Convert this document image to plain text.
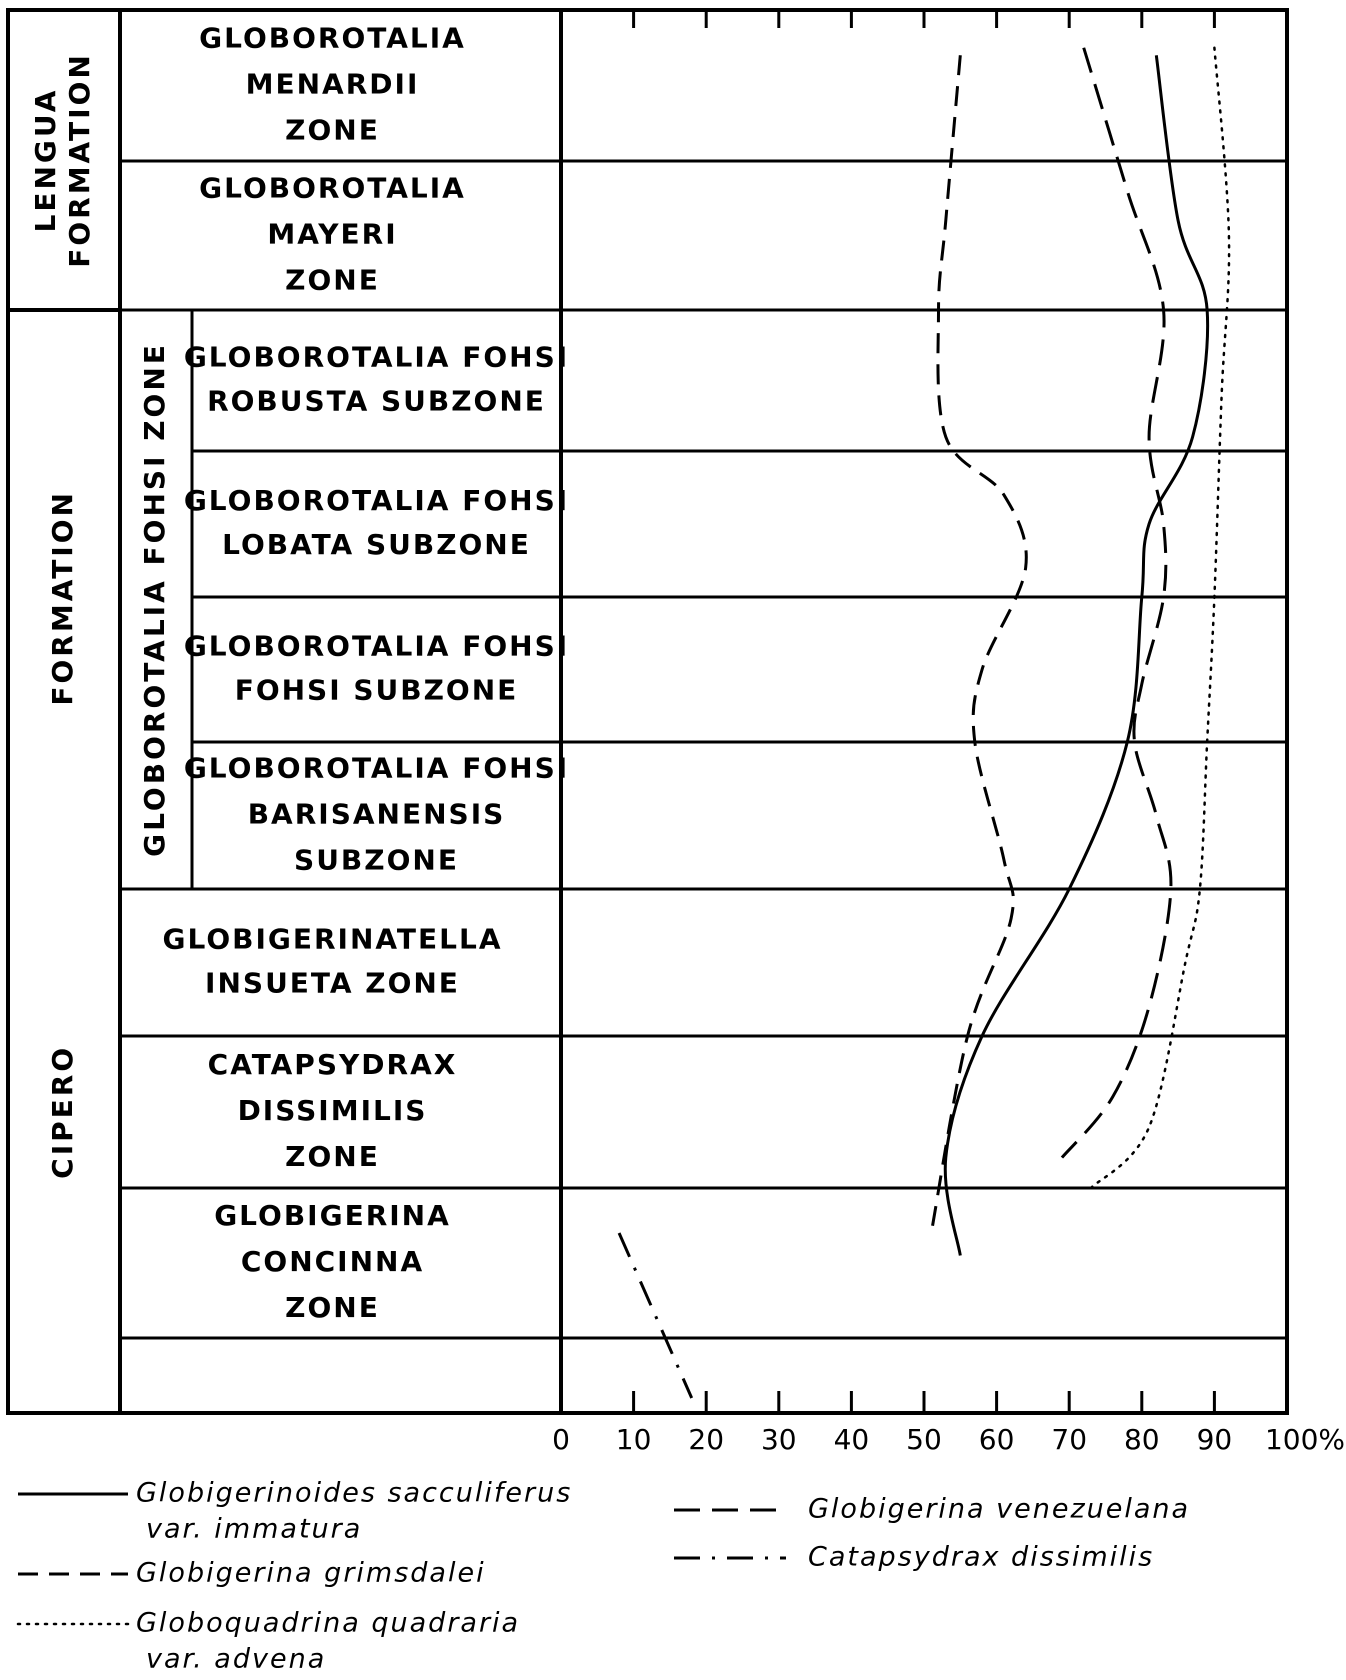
LENGUA FORMATION
CIPERO
FORMATION GLOBOROTALIA FOHSI ZONE
GLOBOROTALIA
MENARDII
ZONE
GLOBOROTALIA
MAYERI
ZONE
GLOBOROTALIA FOHSI
ROBUSTA SUBZONE
GLOBOROTALIA FOHSI
LOBATA SUBZONE
GLOBOROTALIA FOHSI
FOHSI SUBZONE
GLOBOROTALIA FOHSI
BARISANENSIS
SUBZONE
GLOBIGERINATELLA
INSUETA ZONE
CATAPSYDRAX
DISSIMILIS
ZONE
GLOBIGERINA
CONCINNA
ZONE
0 10 20 30 40 50 60 70 80 90 100%
Globigerinoides sacculiferus
var. immatura
Globigerina grimsdalei
Globoquadrina quadraria
var. advena
Globigerina venezuelana
Catapsydrax dissimilis
